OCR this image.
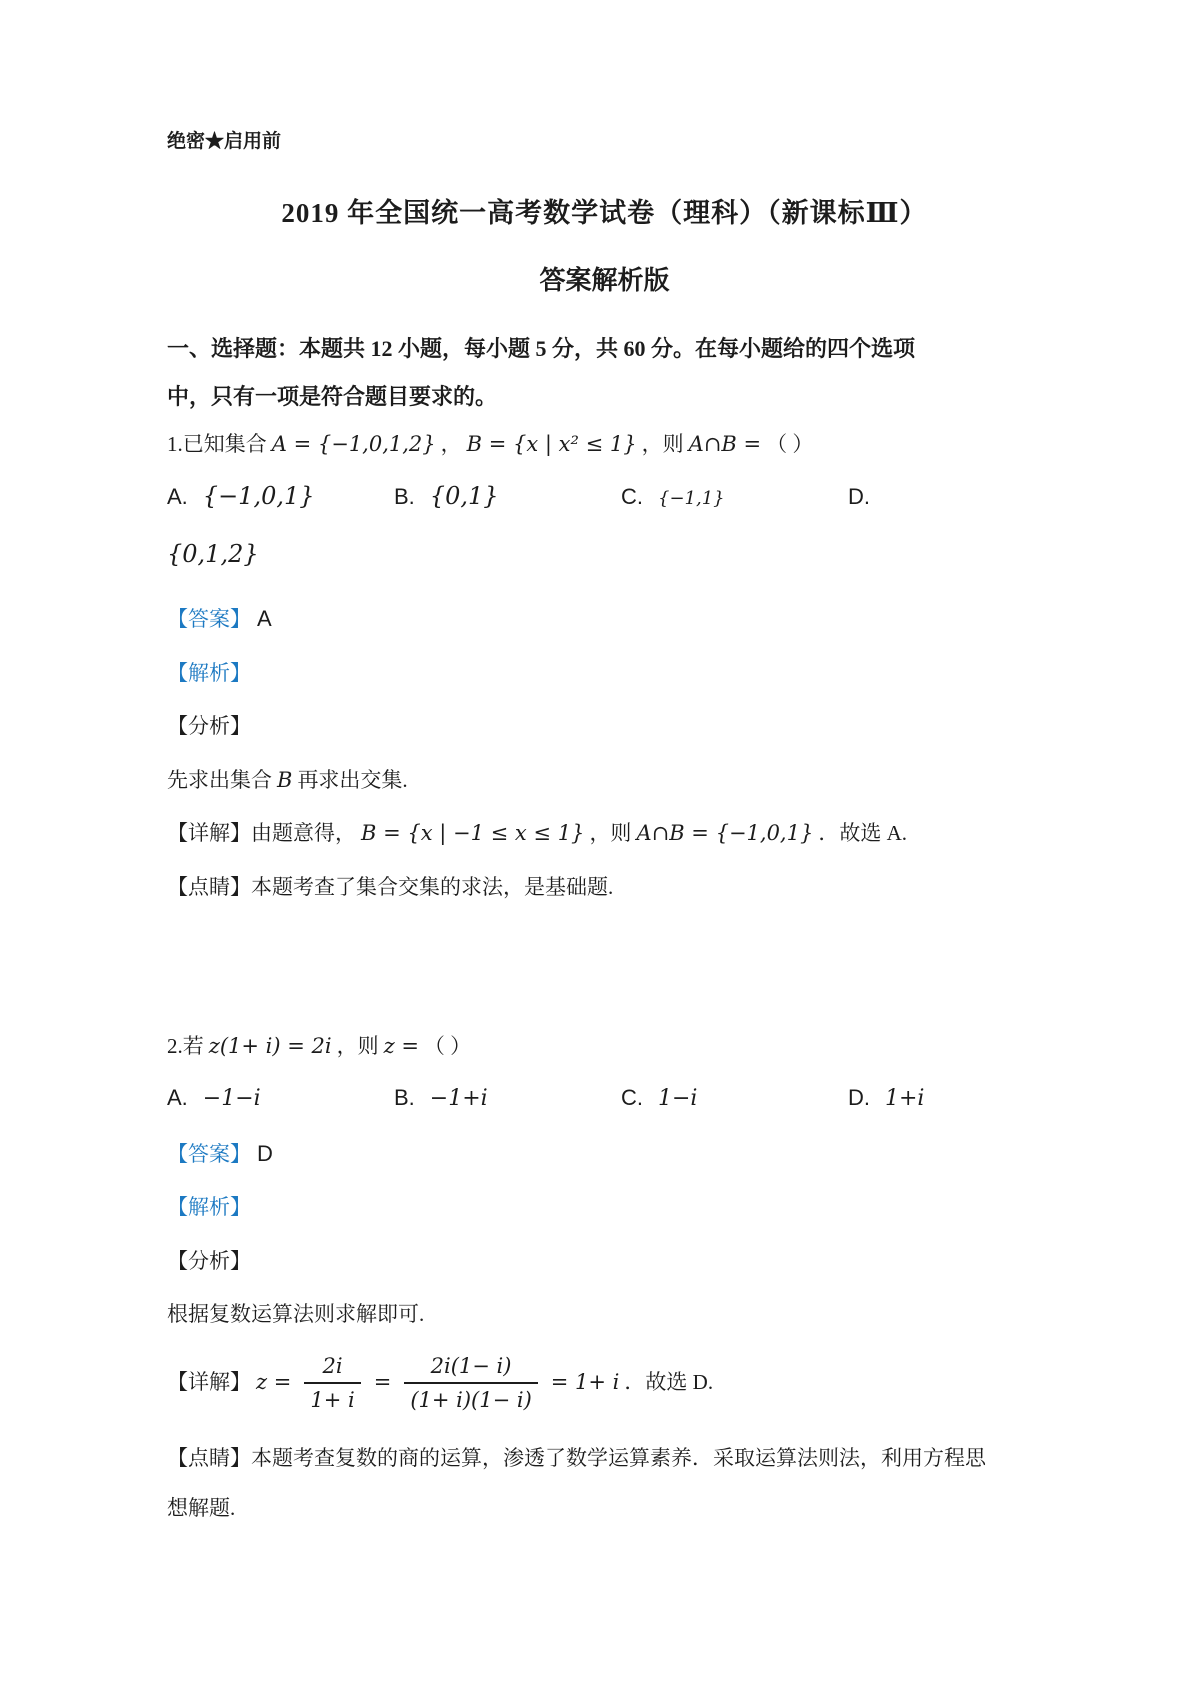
绝密★启用前
2019 年全国统一高考数学试卷（理科）（新课标Ⅲ）
答案解析版

一、选择题：本题共 12 小题，每小题 5 分，共 60 分。在每小题给的四个选项

中，只有一项是符合题目要求的。

1.已知集合 A = {−1,0,1,2} ， B = {x | x² ≤ 1} ，则 A∩B = （ ）

A. {−1,0,1}	B. {0,1}	C. {−1,1}	D.

{0,1,2}

【答案】 A

【解析】

【分析】

先求出集合 B 再求出交集.

【详解】由题意得， B = {x | −1 ≤ x ≤ 1} ，则 A∩B = {−1,0,1} ．故选 A.

【点睛】本题考查了集合交集的求法，是基础题.

2.若 z(1+ i) = 2i ，则 z = （ ）

A. −1−i	B. −1+i	C. 1−i	D. 1+i

【答案】 D

【解析】

【分析】

根据复数运算法则求解即可.

【详解】 $z = \frac{2i}{1+ i} = \frac{2i(1- i)}{(1+ i)(1- i)} = 1+ i$ ．故选 D.

【点睛】本题考查复数的商的运算，渗透了数学运算素养．采取运算法则法，利用方程思

想解题.
